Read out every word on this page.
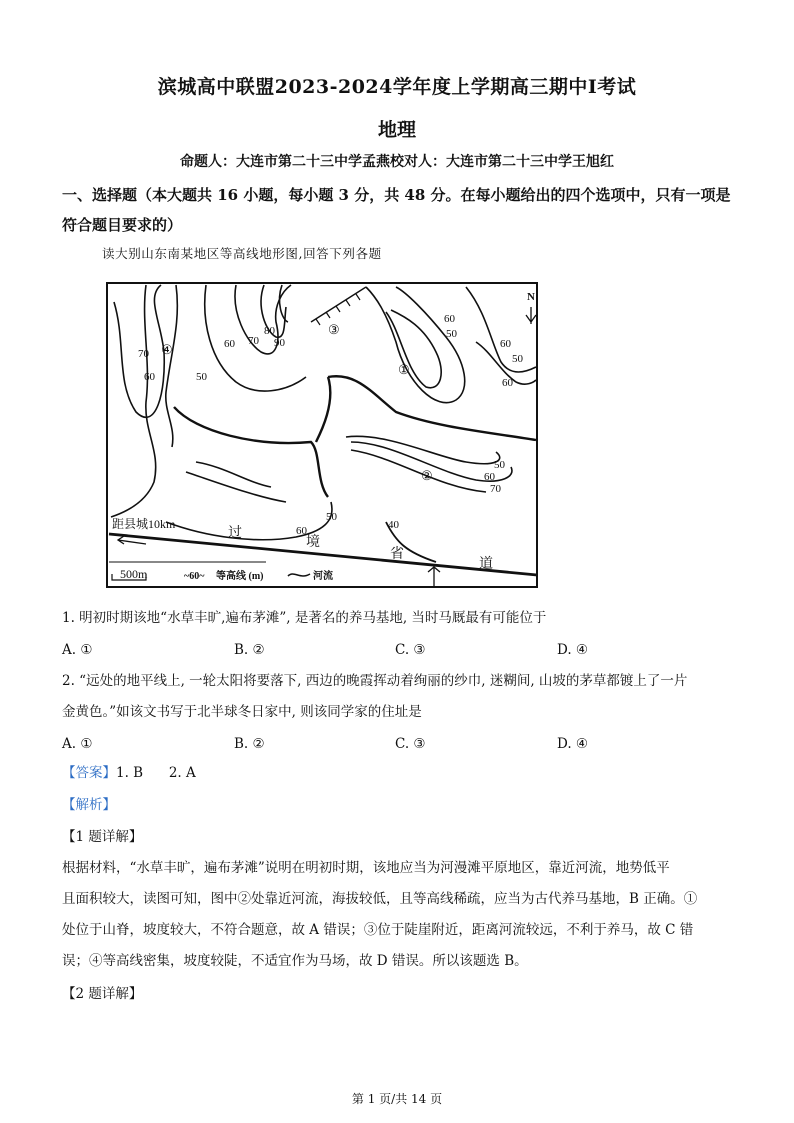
滨城高中联盟2023-2024学年度上学期高三期中Ⅰ考试
地理
命题人：大连市第二十三中学孟燕校对人：大连市第二十三中学王旭红
一、选择题（本大题共 16 小题，每小题 3 分，共 48 分。在每小题给出的四个选项中，只有一项是符合题目要求的）
读大别山东南某地区等高线地形图,回答下列各题
N
70
60	50
60 70
80
90
60
50
60
50
60
50
60
70
50
40
60
④
③
①
②
过
境
省
道
距县城10km
500m	~60~ 等高线 (m)	河流
1. 明初时期该地“水草丰旷,遍布茅滩”, 是著名的养马基地, 当时马厩最有可能位于
A. ①	B. ②	C. ③	D. ④
2. “远处的地平线上, 一轮太阳将要落下, 西边的晚霞挥动着绚丽的纱巾, 迷糊间, 山坡的茅草都镀上了一片
金黄色。”如该文书写于北半球冬日家中, 则该同学家的住址是
A. ①	B. ②	C. ③	D. ④
【答案】1. B      2. A
【解析】
【1 题详解】
根据材料，“水草丰旷，遍布茅滩”说明在明初时期，该地应当为河漫滩平原地区，靠近河流，地势低平
且面积较大，读图可知，图中②处靠近河流，海拔较低，且等高线稀疏，应当为古代养马基地，B 正确。①
处位于山脊，坡度较大，不符合题意，故 A 错误；③位于陡崖附近，距离河流较远，不利于养马，故 C 错
误；④等高线密集，坡度较陡，不适宜作为马场，故 D 错误。所以该题选 B。
【2 题详解】
第 1 页/共 14 页
